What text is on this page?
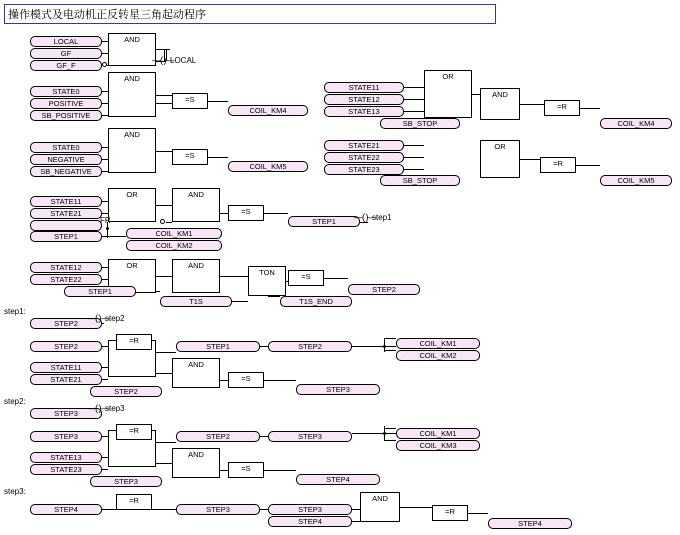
操作模式及电动机正反转星三角起动程序
AND
AND
AND
OR	AND
OR	AND
OR
AND
OR
AND
AND
AND
TON
=S
=S
=S
=S
=S
=S
=R
=R
=R
=R
=R
=R
LOCAL
GF
GF_F
STATE0
POSITIVE
SB_POSITIVE
COIL_KM4
STATE0
NEGATIVE
SB_NEGATIVE
COIL_KM5
STATE11
STATE12
STATE13
SB_STOP	COIL_KM4
STATE21
STATE22
STATE23
SB_STOP	COIL_KM5
STATE11
STATE21
STEP1	COIL_KM1
COIL_KM2
STEP1
STATE12
STATE22
STEP1
T1S	T1S_END
STEP2
STEP2
STEP2	STEP1	STEP2	COIL_KM1
COIL_KM2
STATE11
STATE21
STEP2	STEP3
STEP3
STEP3	STEP2	STEP3	COIL_KM1
COIL_KM3
STATE13
STATE23
STEP3	STEP4
STEP4	STEP3	STEP3
STEP4	STEP4
step1:
step2:
step3:
FR
―( )―
LOCAL
―( )―
step1
―( )―
step2
―( )―
step3
